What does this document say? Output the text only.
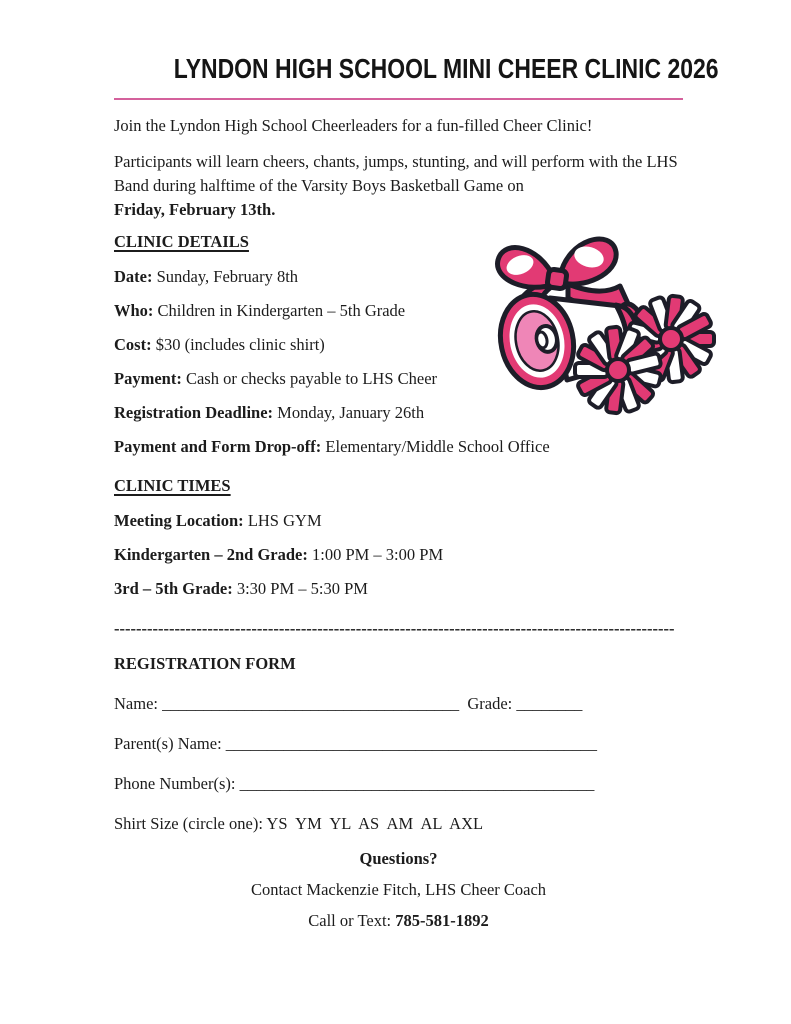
LYNDON HIGH SCHOOL MINI CHEER CLINIC 2026
Join the Lyndon High School Cheerleaders for a fun-filled Cheer Clinic!
Participants will learn cheers, chants, jumps, stunting, and will perform with the LHS
Band during halftime of the Varsity Boys Basketball Game on Friday, February 13th.
CLINIC DETAILS
Date: Sunday, February 8th
Who: Children in Kindergarten – 5th Grade
Cost: $30 (includes clinic shirt)
Payment: Cash or checks payable to LHS Cheer
Registration Deadline: Monday, January 26th
Payment and Form Drop-off: Elementary/Middle School Office
CLINIC TIMES
Meeting Location: LHS GYM
Kindergarten – 2nd Grade: 1:00 PM – 3:00 PM
3rd – 5th Grade: 3:30 PM – 5:30 PM
------------------------------------------------------------------------------------------------------
REGISTRATION FORM
Name: ____________________________________  Grade: ________
Parent(s) Name: _____________________________________________
Phone Number(s): ___________________________________________
Shirt Size (circle one): YS  YM  YL  AS  AM  AL  AXL
Questions?
Contact Mackenzie Fitch, LHS Cheer Coach
Call or Text: 785-581-1892
